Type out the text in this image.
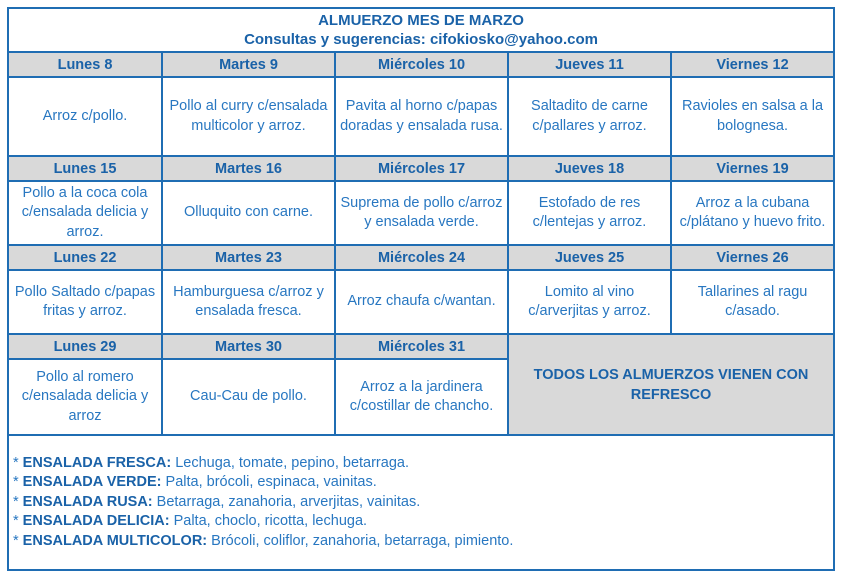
ALMUERZO MES DE MARZO
Consultas y sugerencias: cifokiosko@yahoo.com				

Lunes 8	Martes 9	Miércoles 10	Jueves 11	Viernes 12
Arroz c/pollo.	Pollo al curry c/ensalada multicolor y arroz.	Pavita al horno c/papas doradas y ensalada rusa.	Saltadito de carne c/pallares y arroz.	Ravioles en salsa a la bolognesa.
Lunes 15	Martes 16	Miércoles 17	Jueves 18	Viernes 19
Pollo a la coca cola c/ensalada delicia y arroz.	Olluquito con carne.	Suprema de pollo c/arroz y ensalada verde.	Estofado de res c/lentejas y arroz.	Arroz a la cubana c/plátano y huevo frito.
Lunes 22	Martes 23	Miércoles 24	Jueves 25	Viernes 26
Pollo Saltado c/papas fritas y arroz.	Hamburguesa c/arroz y ensalada fresca.	Arroz chaufa c/wantan.	Lomito al vino c/arverjitas y arroz.	Tallarines al ragu c/asado.
Lunes 29	Martes 30	Miércoles 31	TODOS LOS ALMUERZOS VIENEN CON REFRESCO	
Pollo al romero c/ensalada delicia y arroz	Cau-Cau de pollo.	Arroz a la jardinera c/costillar de chancho.		

* ENSALADA FRESCA: Lechuga, tomate, pepino, betarraga.
* ENSALADA VERDE: Palta, brócoli, espinaca, vainitas.
* ENSALADA RUSA: Betarraga, zanahoria, arverjitas, vainitas.
* ENSALADA DELICIA: Palta, choclo, ricotta, lechuga.
* ENSALADA MULTICOLOR: Brócoli, coliflor, zanahoria, betarraga, pimiento.				
